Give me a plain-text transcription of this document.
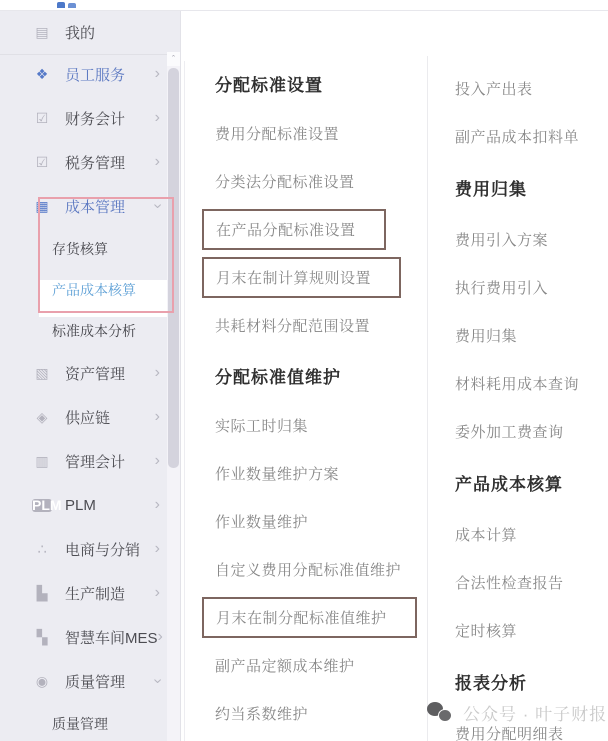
▤ 我的
❖ 员工服务 ›
☑ 财务会计 ›
☑ 税务管理 ›
▦ 成本管理 ›
存货核算
产品成本核算
标准成本分析
▧ 资产管理 ›
◈	供应链	›
▥ 管理会计 ›
PLM PLM	›
∴	电商与分销 ›
▙	生产制造 ›
▚	智慧车间MES ›
◉ 质量管理 ›
质量管理
ˆ
分配标准设置
费用分配标准设置
分类法分配标准设置
在产品分配标准设置
月末在制计算规则设置
共耗材料分配范围设置
分配标准值维护
实际工时归集
作业数量维护方案
作业数量维护
自定义费用分配标准值维护
月末在制分配标准值维护
副产品定额成本维护
约当系数维护
投入产出表
副产品成本扣料单
费用归集
费用引入方案
执行费用引入
费用归集
材料耗用成本查询
委外加工费查询
产品成本核算
成本计算
合法性检查报告
定时核算
报表分析
费用分配明细表
公众号 · 叶子财报
